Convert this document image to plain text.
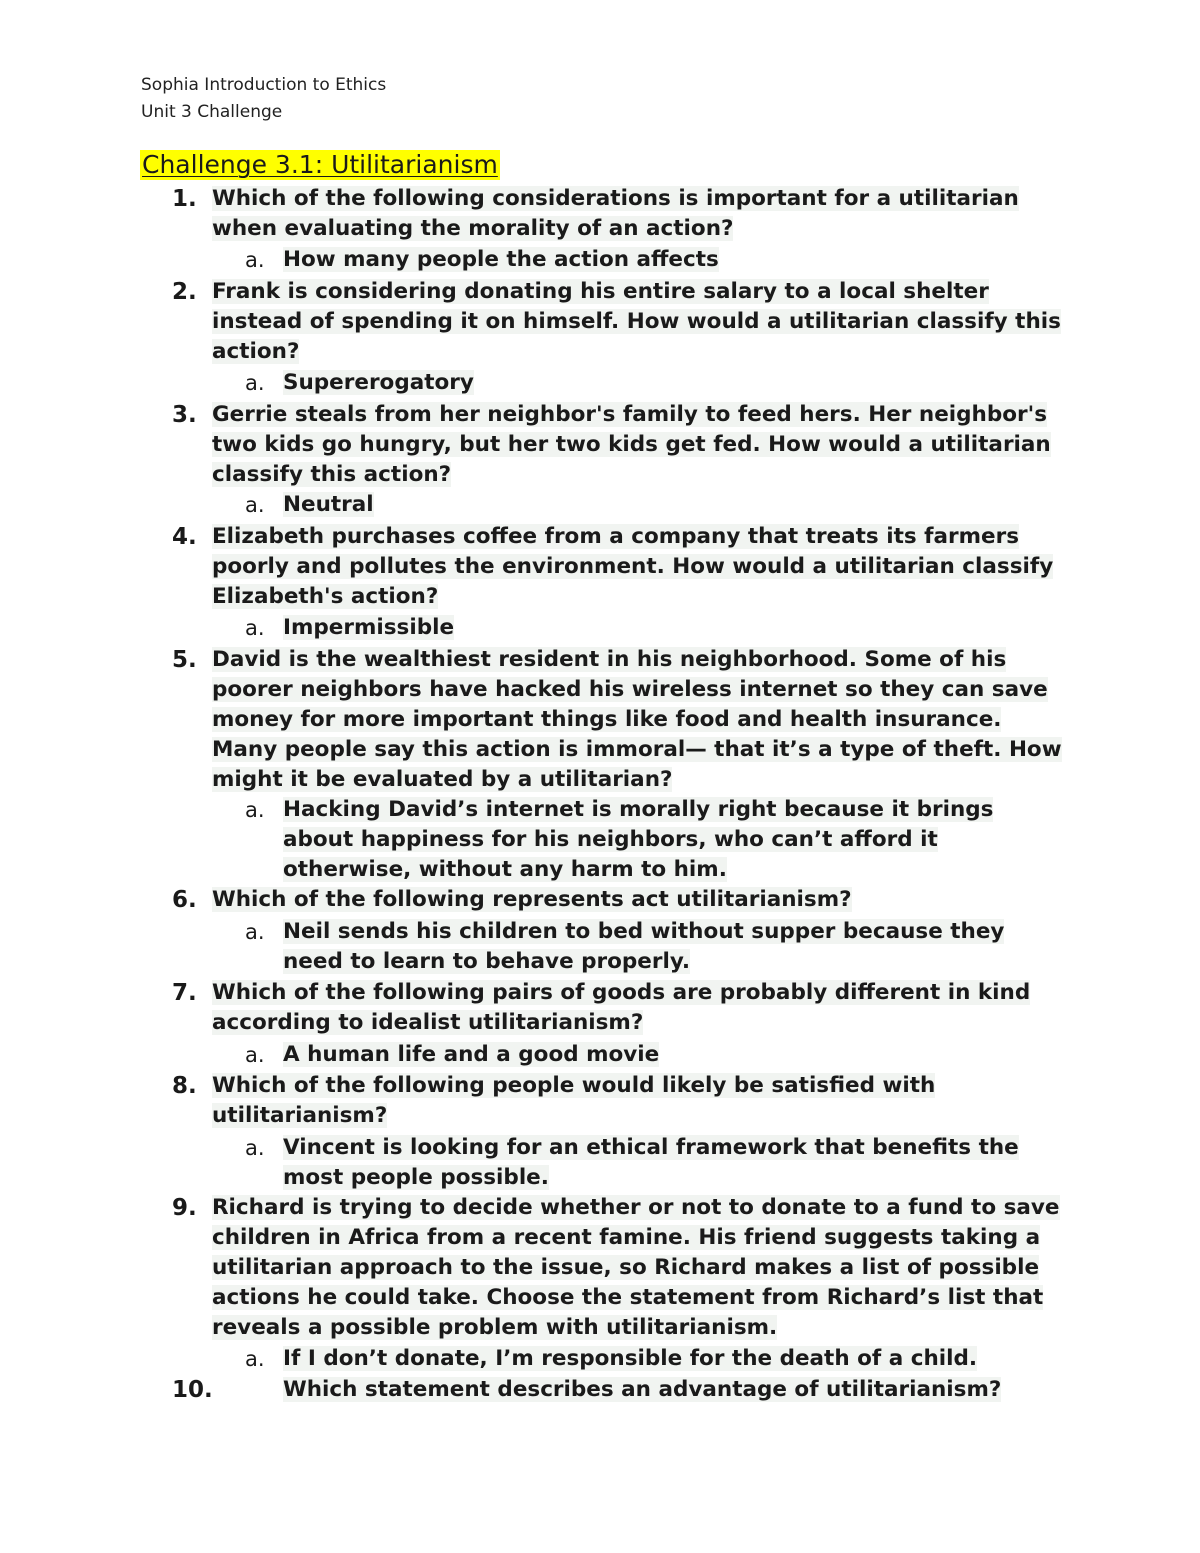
Sophia Introduction to Ethics
Unit 3 Challenge
Challenge 3.1: Utilitarianism
1. Which of the following considerations is important for a utilitarian when evaluating the morality of an action?
a. How many people the action affects
2. Frank is considering donating his entire salary to a local shelter instead of spending it on himself. How would a utilitarian classify this action?
a. Supererogatory
3. Gerrie steals from her neighbor's family to feed hers. Her neighbor's two kids go hungry, but her two kids get fed. How would a utilitarian classify this action?
a. Neutral
4. Elizabeth purchases coffee from a company that treats its farmers poorly and pollutes the environment. How would a utilitarian classify Elizabeth's action?
a. Impermissible
5. David is the wealthiest resident in his neighborhood. Some of his poorer neighbors have hacked his wireless internet so they can save money for more important things like food and health insurance. Many people say this action is immoral— that it’s a type of theft. How might it be evaluated by a utilitarian?
a. Hacking David’s internet is morally right because it brings about happiness for his neighbors, who can’t afford it otherwise, without any harm to him.
6. Which of the following represents act utilitarianism?
a. Neil sends his children to bed without supper because they need to learn to behave properly.
7. Which of the following pairs of goods are probably different in kind according to idealist utilitarianism?
a. A human life and a good movie
8. Which of the following people would likely be satisfied with utilitarianism?
a. Vincent is looking for an ethical framework that benefits the most people possible.
9. Richard is trying to decide whether or not to donate to a fund to save children in Africa from a recent famine. His friend suggests taking a utilitarian approach to the issue, so Richard makes a list of possible actions he could take. Choose the statement from Richard’s list that reveals a possible problem with utilitarianism.
a. If I don’t donate, I’m responsible for the death of a child.
10.	Which statement describes an advantage of utilitarianism?
